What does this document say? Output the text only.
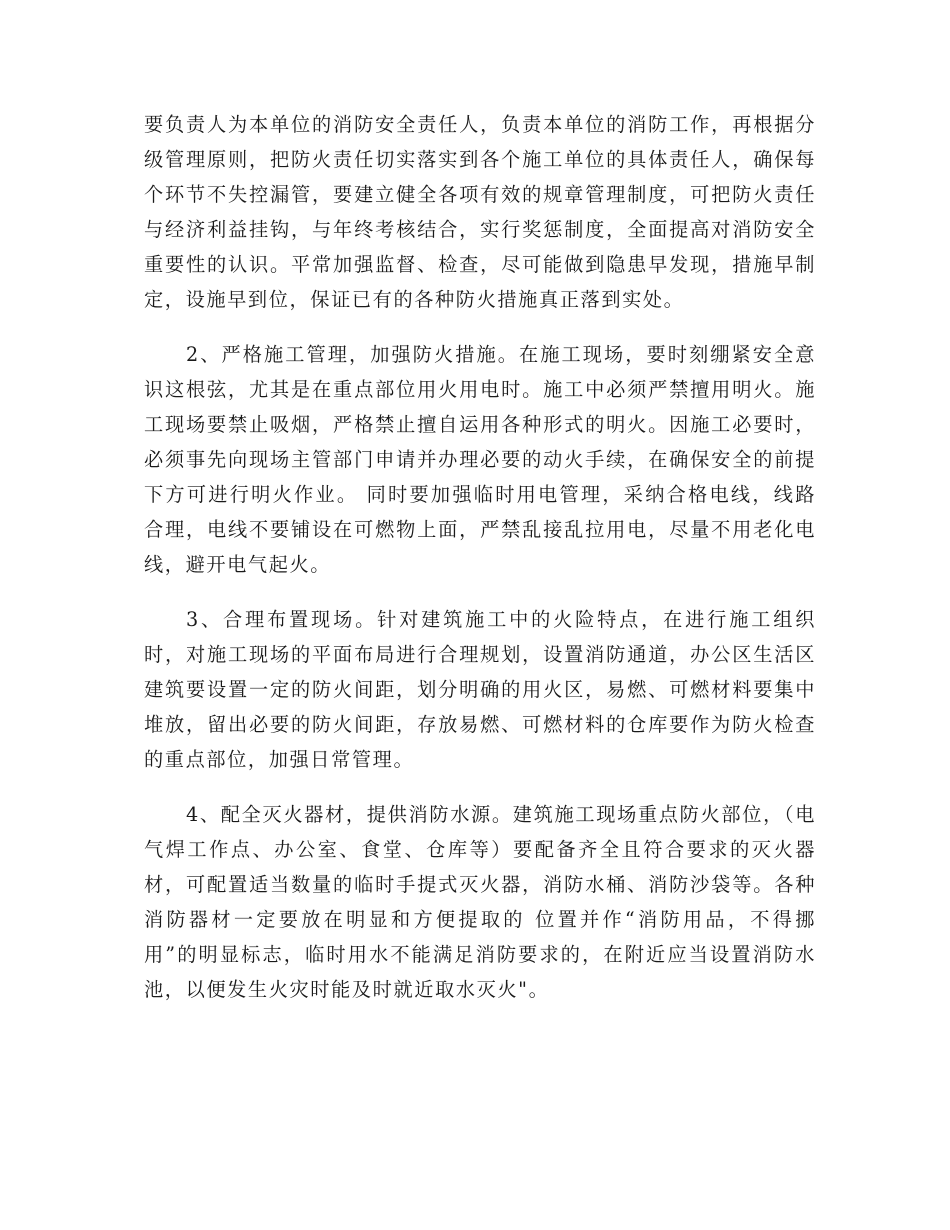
要负责人为本单位的消防安全责任人，负责本单位的消防工作，再根据分级管理原则，把防火责任切实落实到各个施工单位的具体责任人，确保每个环节不失控漏管，要建立健全各项有效的规章管理制度，可把防火责任与经济利益挂钩，与年终考核结合，实行奖惩制度，全面提高对消防安全重要性的认识。平常加强监督、检查，尽可能做到隐患早发现，措施早制定，设施早到位，保证已有的各种防火措施真正落到实处。

2、严格施工管理，加强防火措施。在施工现场，要时刻绷紧安全意识这根弦，尤其是在重点部位用火用电时。施工中必须严禁擅用明火。施工现场要禁止吸烟，严格禁止擅自运用各种形式的明火。因施工必要时，必须事先向现场主管部门申请并办理必要的动火手续，在确保安全的前提下方可进行明火作业。 同时要加强临时用电管理，采纳合格电线，线路合理，电线不要铺设在可燃物上面，严禁乱接乱拉用电，尽量不用老化电线，避开电气起火。

3、合理布置现场。针对建筑施工中的火险特点，在进行施工组织时，对施工现场的平面布局进行合理规划，设置消防通道，办公区生活区建筑要设置一定的防火间距，划分明确的用火区，易燃、可燃材料要集中堆放，留出必要的防火间距，存放易燃、可燃材料的仓库要作为防火检查的重点部位，加强日常管理。

4、配全灭火器材，提供消防水源。建筑施工现场重点防火部位，（电气焊工作点、办公室、食堂、仓库等）要配备齐全且符合要求的灭火器材，可配置适当数量的临时手提式灭火器，消防水桶、消防沙袋等。各种消防器材一定要放在明显和方便提取的 位置并作“消防用品，不得挪用”的明显标志，临时用水不能满足消防要求的，在附近应当设置消防水池，以便发生火灾时能及时就近取水灭火"。
